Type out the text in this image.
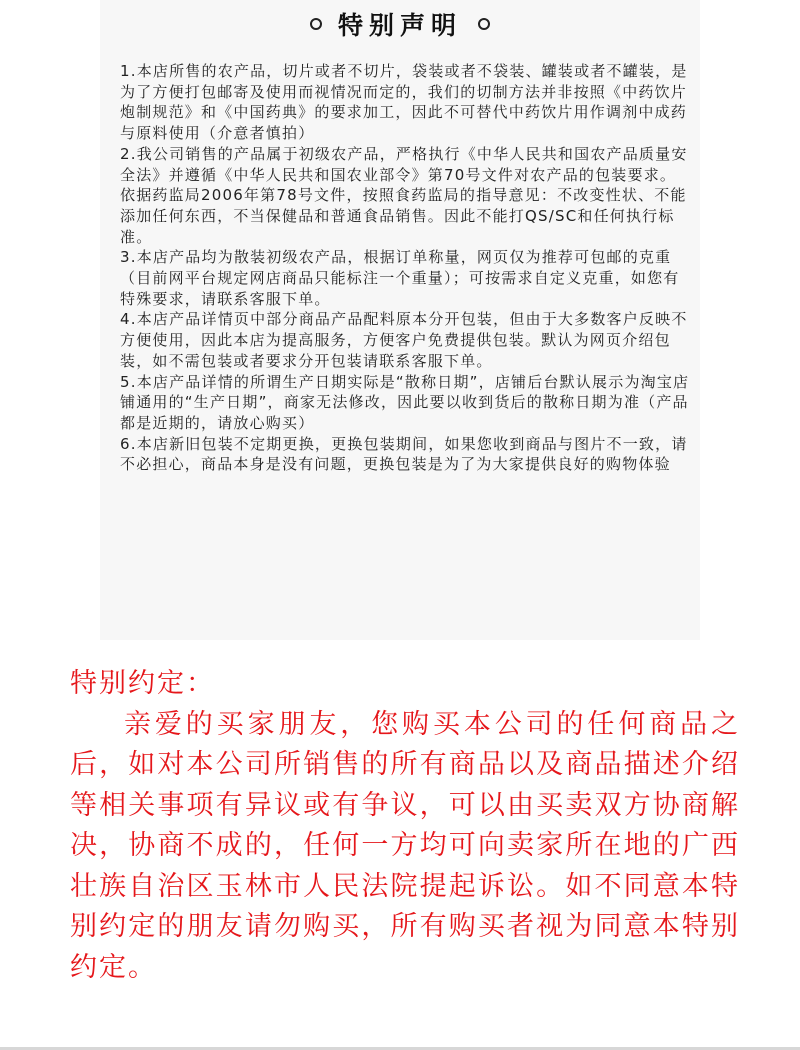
特别声明

1.本店所售的农产品，切片或者不切片，袋装或者不袋装、罐装或者不罐装，是为了方便打包邮寄及使用而视情况而定的，我们的切制方法并非按照《中药饮片炮制规范》和《中国药典》的要求加工，因此不可替代中药饮片用作调剂中成药与原料使用（介意者慎拍）

2.我公司销售的产品属于初级农产品，严格执行《中华人民共和国农产品质量安全法》并遵循《中华人民共和国农业部令》第70号文件对农产品的包装要求。依据药监局2006年第78号文件，按照食药监局的指导意见：不改变性状、不能添加任何东西，不当保健品和普通食品销售。因此不能打QS/SC和任何执行标准。

3.本店产品均为散装初级农产品，根据订单称量，网页仅为推荐可包邮的克重（目前网平台规定网店商品只能标注一个重量）；可按需求自定义克重，如您有特殊要求，请联系客服下单。

4.本店产品详情页中部分商品产品配料原本分开包装，但由于大多数客户反映不方便使用，因此本店为提高服务，方便客户免费提供包装。默认为网页介绍包装，如不需包装或者要求分开包装请联系客服下单。

5.本店产品详情的所谓生产日期实际是“散称日期”，店铺后台默认展示为淘宝店铺通用的“生产日期”，商家无法修改，因此要以收到货后的散称日期为准（产品都是近期的，请放心购买）

6.本店新旧包装不定期更换，更换包装期间，如果您收到商品与图片不一致，请不必担心，商品本身是没有问题，更换包装是为了为大家提供良好的购物体验

特别约定：

亲爱的买家朋友，您购买本公司的任何商品之后，如对本公司所销售的所有商品以及商品描述介绍等相关事项有异议或有争议，可以由买卖双方协商解决，协商不成的，任何一方均可向卖家所在地的广西壮族自治区玉林市人民法院提起诉讼。如不同意本特别约定的朋友请勿购买，所有购买者视为同意本特别约定。
